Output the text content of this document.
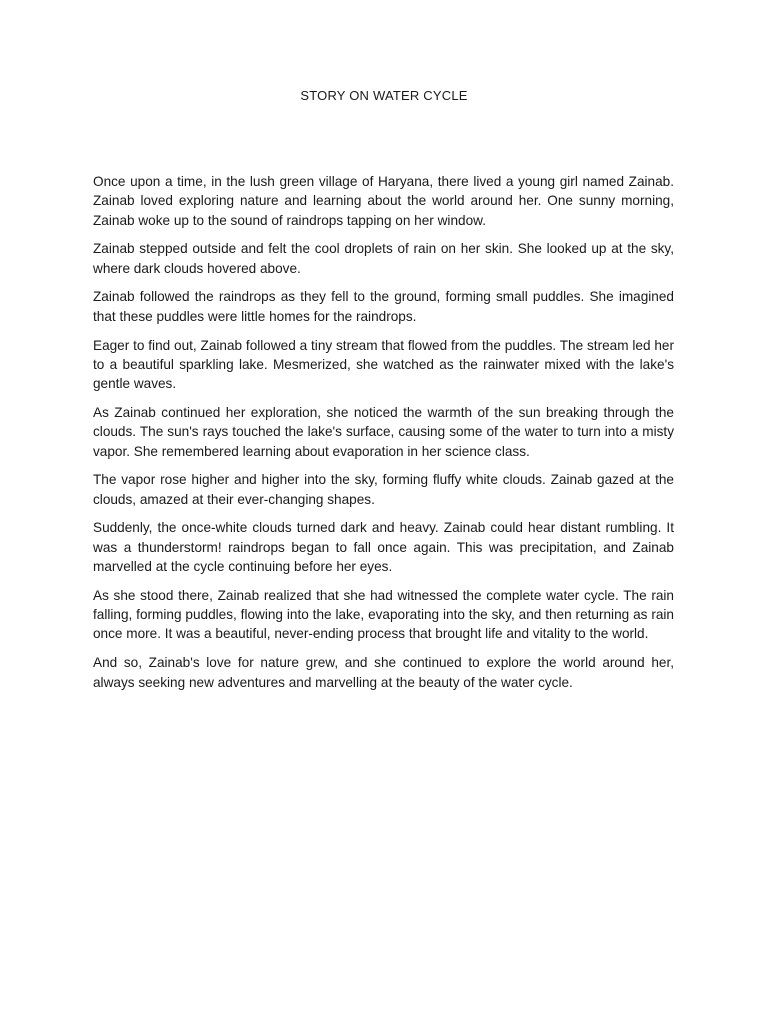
STORY ON WATER CYCLE

Once upon a time, in the lush green village of Haryana, there lived a young girl named Zainab. Zainab loved exploring nature and learning about the world around her. One sunny morning, Zainab woke up to the sound of raindrops tapping on her window.

Zainab stepped outside and felt the cool droplets of rain on her skin. She looked up at the sky, where dark clouds hovered above.

Zainab followed the raindrops as they fell to the ground, forming small puddles. She imagined that these puddles were little homes for the raindrops.

Eager to find out, Zainab followed a tiny stream that flowed from the puddles. The stream led her to a beautiful sparkling lake. Mesmerized, she watched as the rainwater mixed with the lake's gentle waves.

As Zainab continued her exploration, she noticed the warmth of the sun breaking through the clouds. The sun's rays touched the lake's surface, causing some of the water to turn into a misty vapor. She remembered learning about evaporation in her science class.

The vapor rose higher and higher into the sky, forming fluffy white clouds. Zainab gazed at the clouds, amazed at their ever-changing shapes.

Suddenly, the once-white clouds turned dark and heavy. Zainab could hear distant rumbling. It was a thunderstorm! raindrops began to fall once again. This was precipitation, and Zainab marvelled at the cycle continuing before her eyes.

As she stood there, Zainab realized that she had witnessed the complete water cycle. The rain falling, forming puddles, flowing into the lake, evaporating into the sky, and then returning as rain once more. It was a beautiful, never-ending process that brought life and vitality to the world.

And so, Zainab's love for nature grew, and she continued to explore the world around her, always seeking new adventures and marvelling at the beauty of the water cycle.
